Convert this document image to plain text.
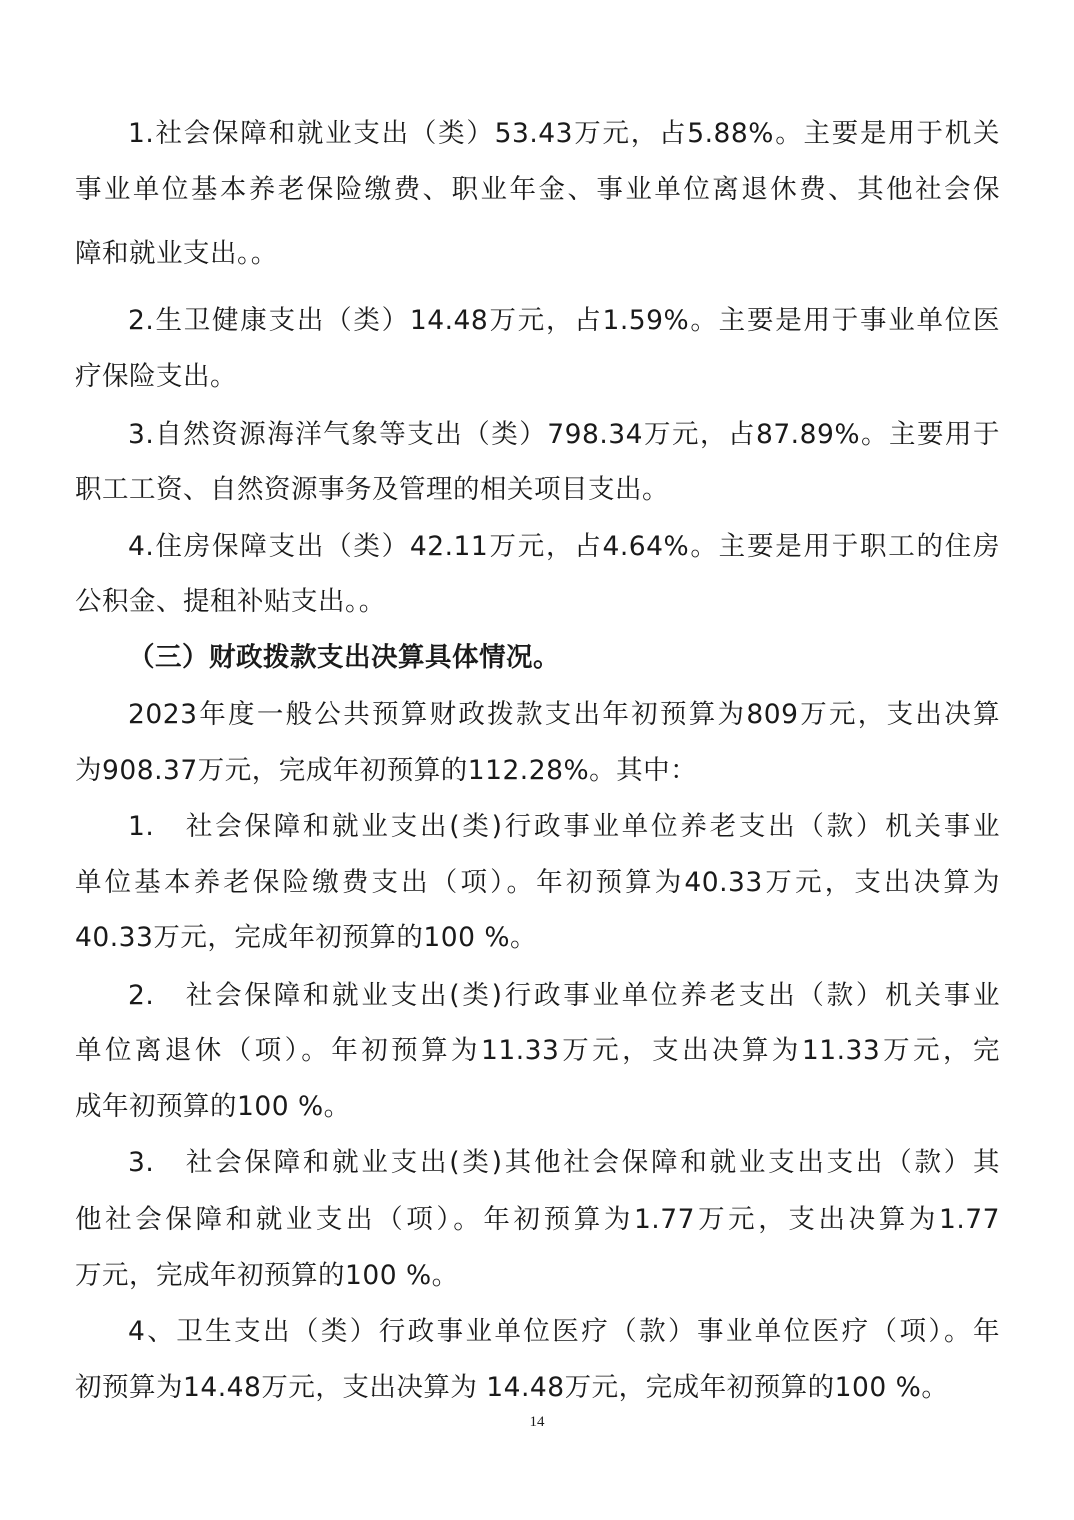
1.社会保障和就业支出（类）53.43万元，占5.88%。主要是用于机关
事业单位基本养老保险缴费、职业年金、事业单位离退休费、其他社会保
障和就业支出。。
2.生卫健康支出（类）14.48万元，占1.59%。主要是用于事业单位医
疗保险支出。
3.自然资源海洋气象等支出（类）798.34万元，占87.89%。主要用于
职工工资、自然资源事务及管理的相关项目支出。
4.住房保障支出（类）42.11万元，占4.64%。主要是用于职工的住房
公积金、提租补贴支出。。
（三）财政拨款支出决算具体情况。
2023年度一般公共预算财政拨款支出年初预算为809万元，支出决算
为908.37万元，完成年初预算的112.28%。其中：
1.　社会保障和就业支出(类)行政事业单位养老支出（款）机关事业
单位基本养老保险缴费支出（项）。年初预算为40.33万元，支出决算为
40.33万元，完成年初预算的100 %。
2.　社会保障和就业支出(类)行政事业单位养老支出（款）机关事业
单位离退休（项）。年初预算为11.33万元，支出决算为11.33万元，完
成年初预算的100 %。
3.　社会保障和就业支出(类)其他社会保障和就业支出支出（款）其
他社会保障和就业支出（项）。年初预算为1.77万元，支出决算为1.77
万元，完成年初预算的100 %。
4、卫生支出（类）行政事业单位医疗（款）事业单位医疗（项）。年
初预算为14.48万元，支出决算为 14.48万元，完成年初预算的100 %。
14
